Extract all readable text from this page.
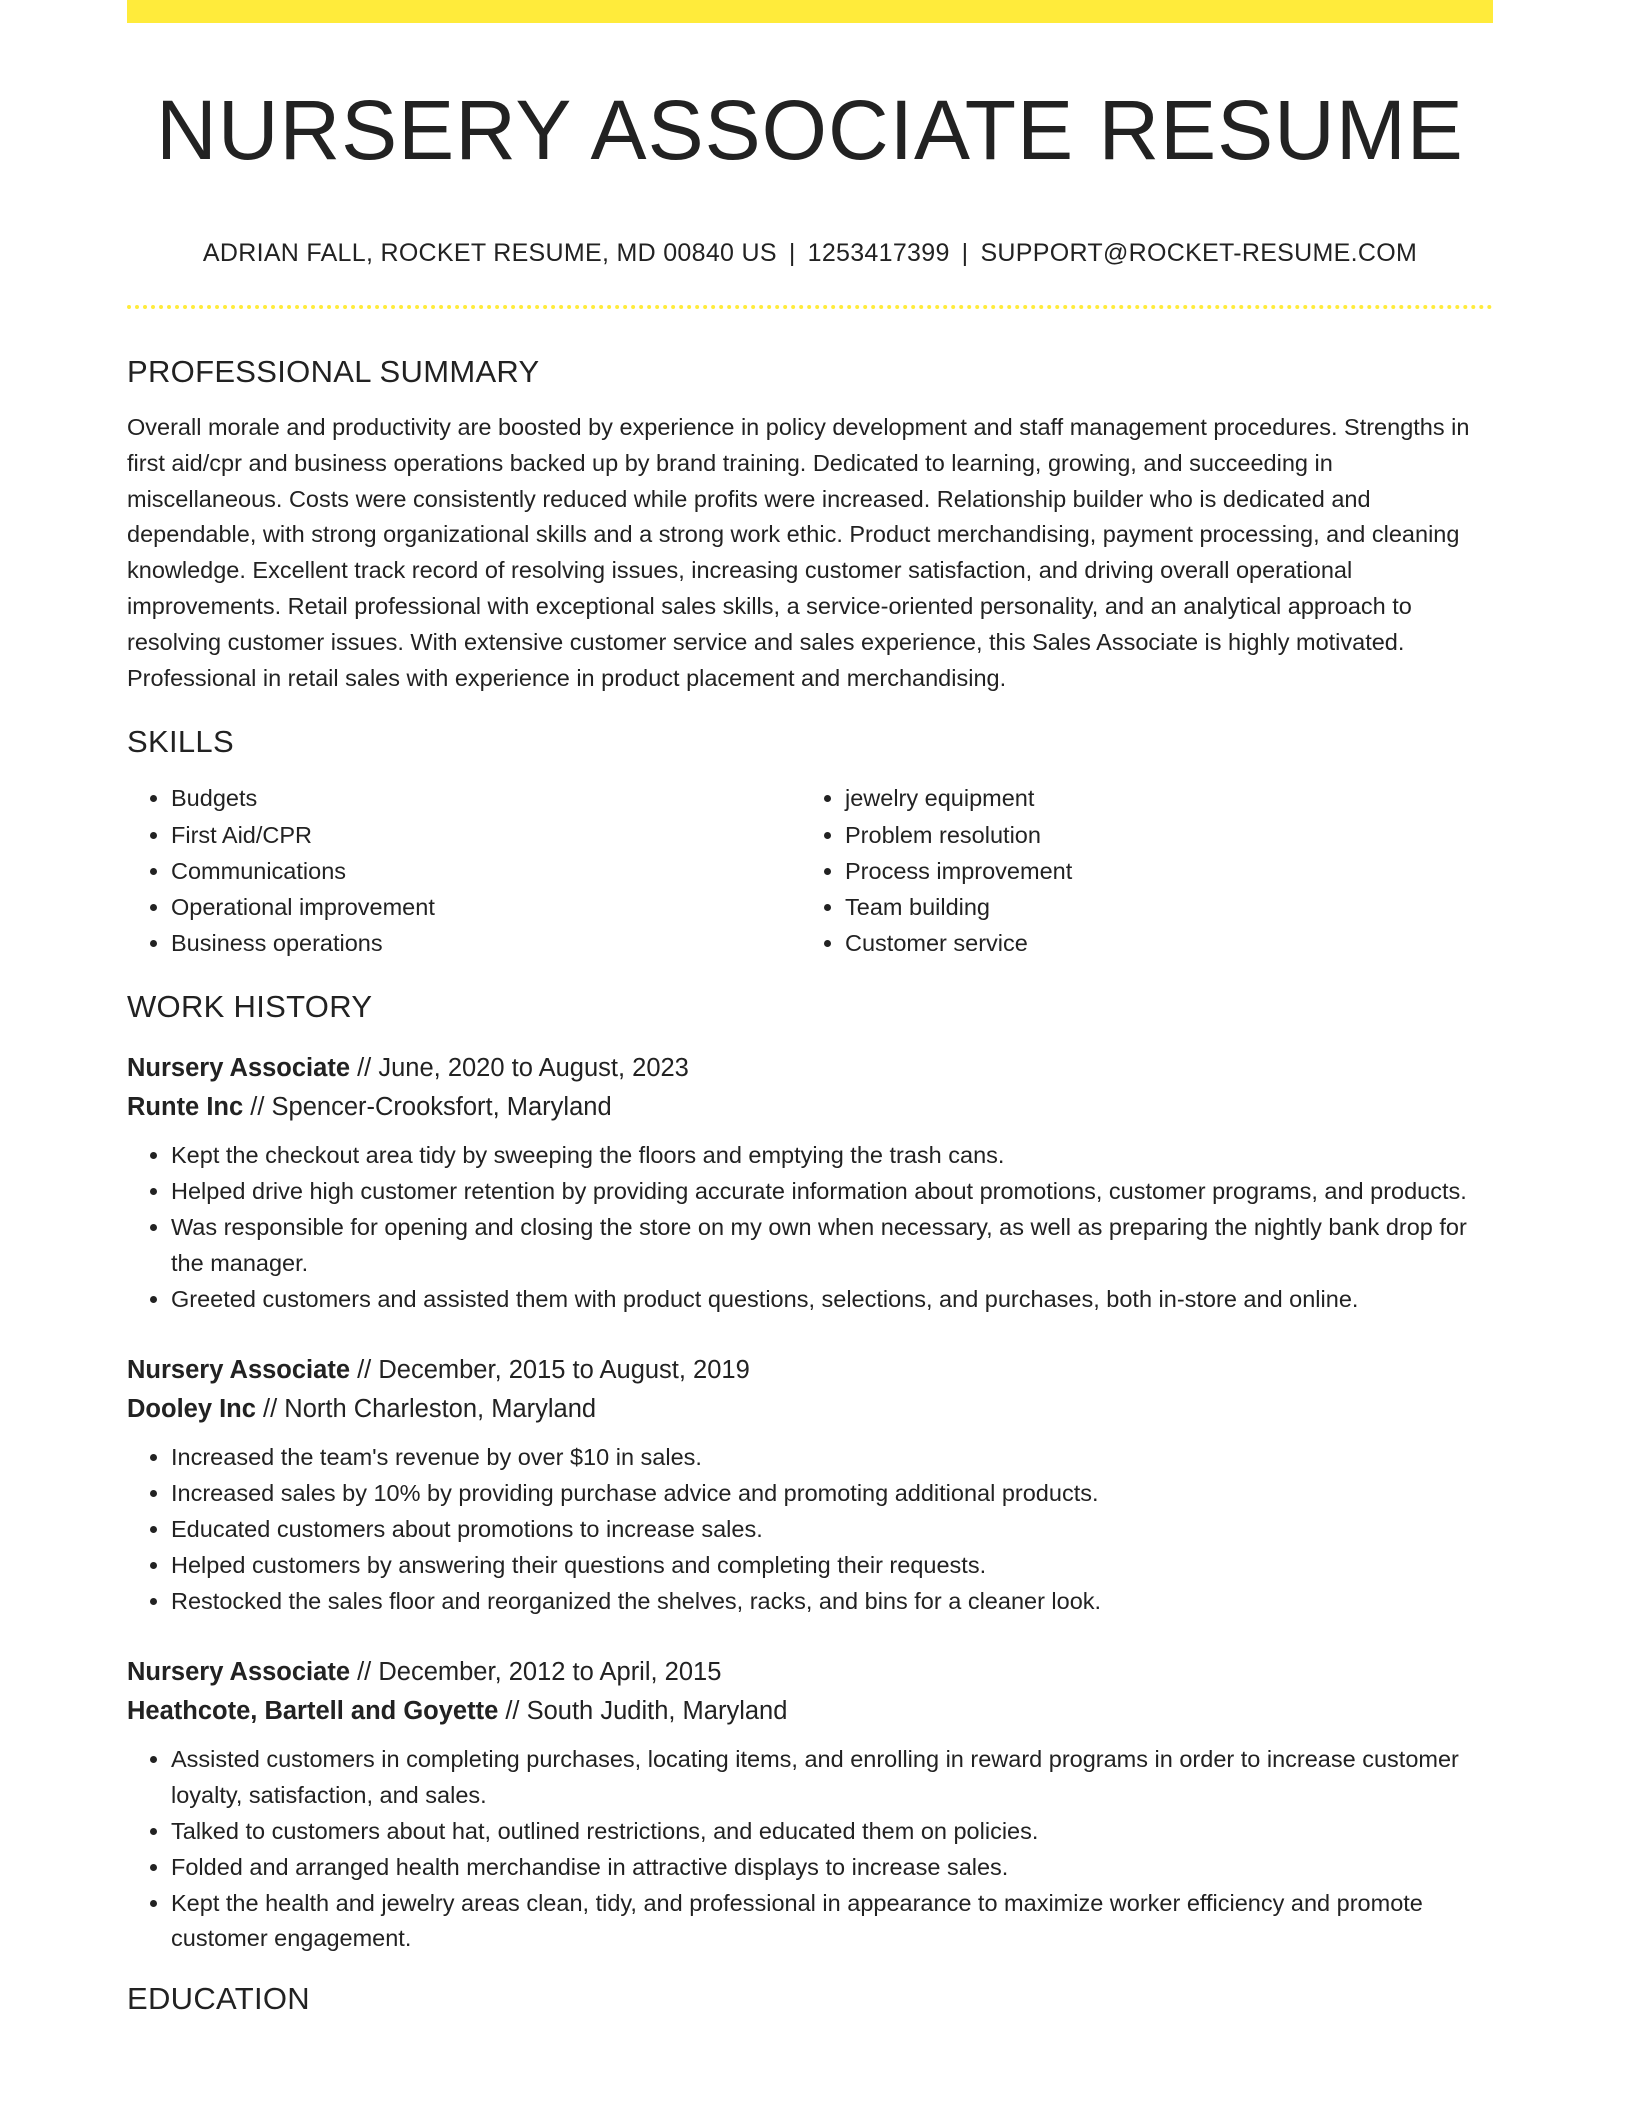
NURSERY ASSOCIATE RESUME
ADRIAN FALL, ROCKET RESUME, MD 00840 US | 1253417399 | SUPPORT@ROCKET-RESUME.COM
PROFESSIONAL SUMMARY

Overall morale and productivity are boosted by experience in policy development and staff management procedures. Strengths in first aid/cpr and business operations backed up by brand training. Dedicated to learning, growing, and succeeding in miscellaneous. Costs were consistently reduced while profits were increased. Relationship builder who is dedicated and dependable, with strong organizational skills and a strong work ethic. Product merchandising, payment processing, and cleaning knowledge. Excellent track record of resolving issues, increasing customer satisfaction, and driving overall operational improvements. Retail professional with exceptional sales skills, a service-oriented personality, and an analytical approach to resolving customer issues. With extensive customer service and sales experience, this Sales Associate is highly motivated. Professional in retail sales with experience in product placement and merchandising.

SKILLS
• Budgets
• First Aid/CPR
• Communications
• Operational improvement
• Business operations
• jewelry equipment
• Problem resolution
• Process improvement
• Team building
• Customer service
WORK HISTORY
Nursery Associate // June, 2020 to August, 2023
Runte Inc // Spencer-Crooksfort, Maryland
• Kept the checkout area tidy by sweeping the floors and emptying the trash cans.
• Helped drive high customer retention by providing accurate information about promotions, customer programs, and products.
• Was responsible for opening and closing the store on my own when necessary, as well as preparing the nightly bank drop for the manager.
• Greeted customers and assisted them with product questions, selections, and purchases, both in-store and online.
Nursery Associate // December, 2015 to August, 2019
Dooley Inc // North Charleston, Maryland
• Increased the team's revenue by over $10 in sales.
• Increased sales by 10% by providing purchase advice and promoting additional products.
• Educated customers about promotions to increase sales.
• Helped customers by answering their questions and completing their requests.
• Restocked the sales floor and reorganized the shelves, racks, and bins for a cleaner look.
Nursery Associate // December, 2012 to April, 2015
Heathcote, Bartell and Goyette // South Judith, Maryland
• Assisted customers in completing purchases, locating items, and enrolling in reward programs in order to increase customer loyalty, satisfaction, and sales.
• Talked to customers about hat, outlined restrictions, and educated them on policies.
• Folded and arranged health merchandise in attractive displays to increase sales.
• Kept the health and jewelry areas clean, tidy, and professional in appearance to maximize worker efficiency and promote customer engagement.
EDUCATION
